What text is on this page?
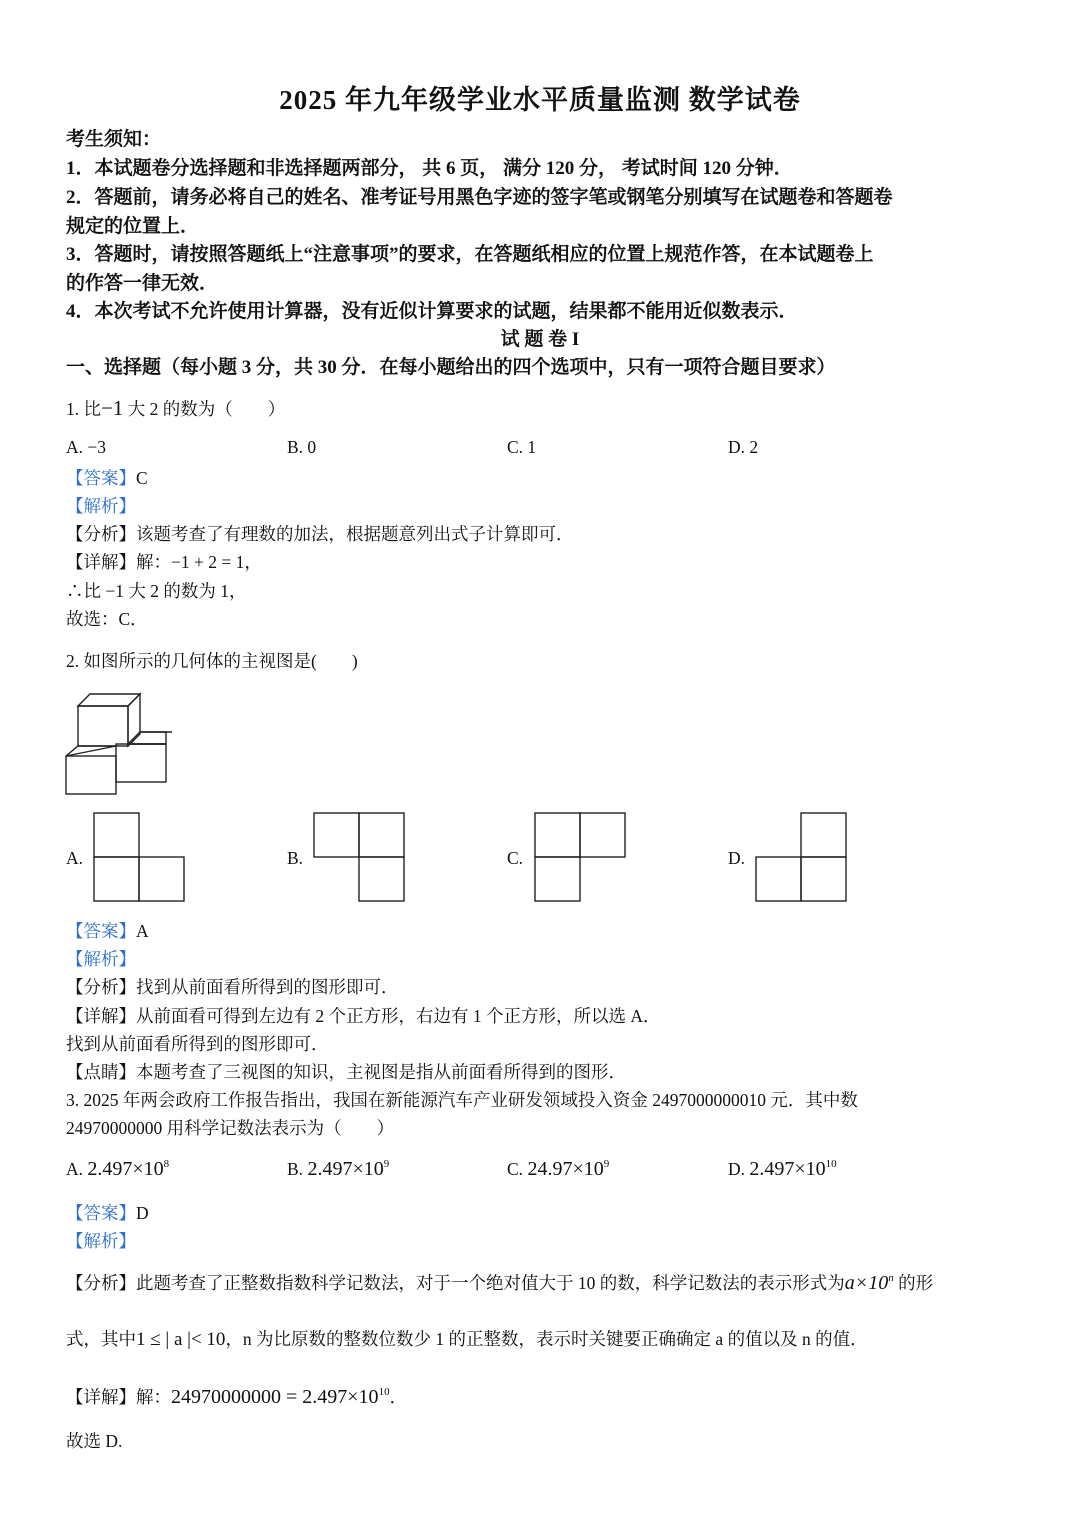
2025 年九年级学业水平质量监测 数学试卷
考生须知：
1．本试题卷分选择题和非选择题两部分， 共 6 页， 满分 120 分， 考试时间 120 分钟．
2．答题前，请务必将自己的姓名、准考证号用黑色字迹的签字笔或钢笔分别填写在试题卷和答题卷
规定的位置上．
3．答题时，请按照答题纸上“注意事项”的要求，在答题纸相应的位置上规范作答，在本试题卷上
的作答一律无效．
4．本次考试不允许使用计算器，没有近似计算要求的试题，结果都不能用近似数表示．
试 题 卷 I
一、选择题（每小题 3 分，共 30 分．在每小题给出的四个选项中，只有一项符合题目要求）
1. 比−1 大 2 的数为（　　）
A. −3	B. 0	C. 1	D. 2
【答案】C
【解析】
【分析】该题考查了有理数的加法，根据题意列出式子计算即可．
【详解】解：−1 + 2 = 1，
∴比 −1 大 2 的数为 1，
故选：C．
2. 如图所示的几何体的主视图是(　　)
A.	B.	C.	D.
【答案】A
【解析】
【分析】找到从前面看所得到的图形即可．
【详解】从前面看可得到左边有 2 个正方形，右边有 1 个正方形，所以选 A．
找到从前面看所得到的图形即可．
【点睛】本题考查了三视图的知识，主视图是指从前面看所得到的图形．
3. 2025 年两会政府工作报告指出，我国在新能源汽车产业研发领域投入资金 2497000000010 元．其中数
24970000000 用科学记数法表示为（　　）
A. $2.497\times 10^8$	B. $2.497\times 10^9$	C. $24.97\times 10^9$	D. $2.497\times 10^{10}$
【答案】D
【解析】
【分析】此题考查了正整数指数科学记数法，对于一个绝对值大于 10 的数，科学记数法的表示形式为$a\times 10^n$ 的形
式，其中1 ≤ | a |< 10，n 为比原数的整数位数少 1 的正整数，表示时关键要正确确定 a 的值以及 n 的值．
【详解】解：$24970000000 = 2.497\times 10^{10}$．
故选 D.
